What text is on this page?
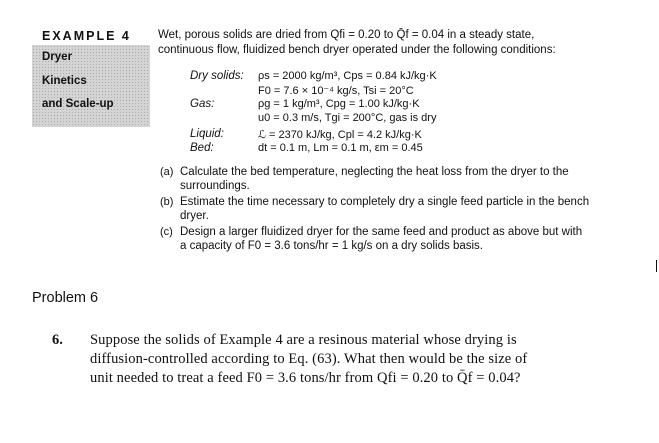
EXAMPLE 4
Dryer
Kinetics
and Scale-up
Wet, porous solids are dried from Qfi = 0.20 to Q̄f = 0.04 in a steady state,
continuous flow, fluidized bench dryer operated under the following conditions:
Dry solids: ρs = 2000 kg/m³, Cps = 0.84 kJ/kg·K
F0 = 7.6 × 10⁻⁴ kg/s, Tsi = 20°C
Gas:	ρg = 1 kg/m³, Cpg = 1.00 kJ/kg·K
u0 = 0.3 m/s, Tgi = 200°C, gas is dry
Liquid:	ℒ = 2370 kJ/kg, Cpl = 4.2 kJ/kg·K
Bed:	dt = 0.1 m, Lm = 0.1 m, εm = 0.45
(a) Calculate the bed temperature, neglecting the heat loss from the dryer to the
surroundings.
(b) Estimate the time necessary to completely dry a single feed particle in the bench
dryer.
(c) Design a larger fluidized dryer for the same feed and product as above but with
a capacity of F0 = 3.6 tons/hr = 1 kg/s on a dry solids basis.
Problem 6
6. Suppose the solids of Example 4 are a resinous material whose drying is
diffusion-controlled according to Eq. (63). What then would be the size of
unit needed to treat a feed F0 = 3.6 tons/hr from Qfi = 0.20 to Q̄f = 0.04?
